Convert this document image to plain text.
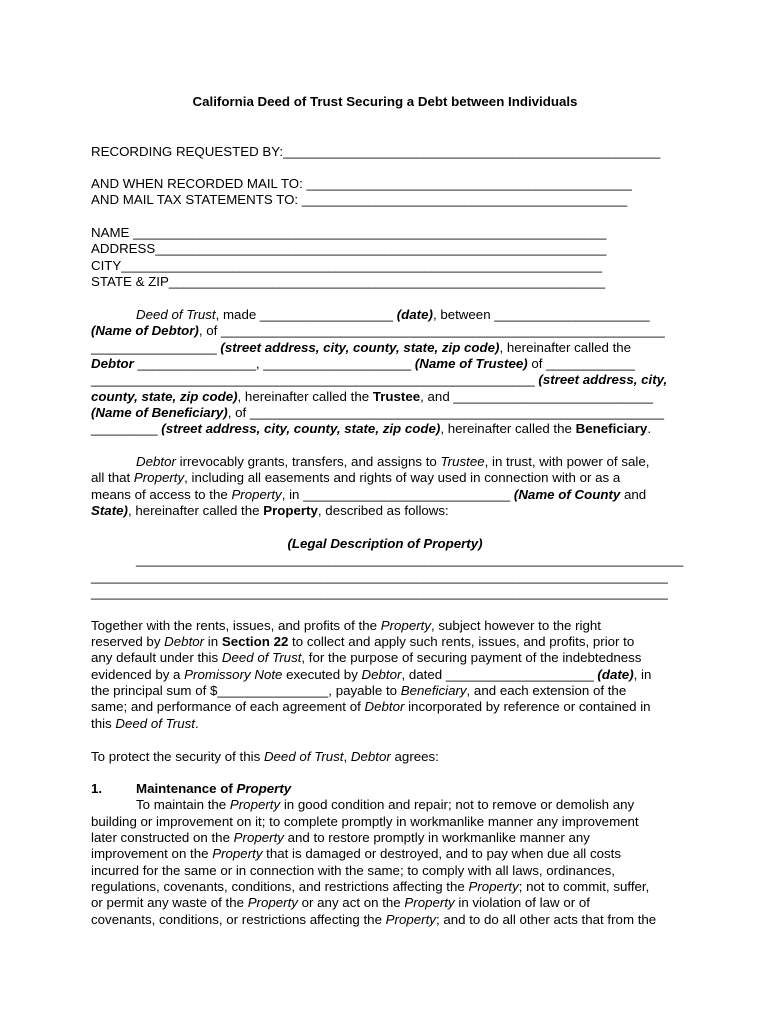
California Deed of Trust Securing a Debt between Individuals
RECORDING REQUESTED BY:___________________________________________________
AND WHEN RECORDED MAIL TO: ____________________________________________
AND MAIL TAX STATEMENTS TO: ____________________________________________
NAME ________________________________________________________________
ADDRESS_____________________________________________________________
CITY_________________________________________________________________
STATE & ZIP___________________________________________________________
Deed of Trust, made __________________ (date), between _____________________
(Name of Debtor), of ____________________________________________________________
_________________ (street address, city, county, state, zip code), hereinafter called the
Debtor ________________, ____________________ (Name of Trustee) of ____________
____________________________________________________________ (street address, city,
county, state, zip code), hereinafter called the Trustee, and ___________________________
(Name of Beneficiary), of ________________________________________________________
_________ (street address, city, county, state, zip code), hereinafter called the Beneficiary.
Debtor irrevocably grants, transfers, and assigns to Trustee, in trust, with power of sale,
all that Property, including all easements and rights of way used in connection with or as a
means of access to the Property, in ____________________________ (Name of County and
State), hereinafter called the Property, described as follows:
(Legal Description of Property)
__________________________________________________________________________
______________________________________________________________________________
______________________________________________________________________________
Together with the rents, issues, and profits of the Property, subject however to the right
reserved by Debtor in Section 22 to collect and apply such rents, issues, and profits, prior to
any default under this Deed of Trust, for the purpose of securing payment of the indebtedness
evidenced by a Promissory Note executed by Debtor, dated ____________________ (date), in
the principal sum of $_______________, payable to Beneficiary, and each extension of the
same; and performance of each agreement of Debtor incorporated by reference or contained in
this Deed of Trust.
To protect the security of this Deed of Trust, Debtor agrees:
1.	Maintenance of Property
To maintain the Property in good condition and repair; not to remove or demolish any
building or improvement on it; to complete promptly in workmanlike manner any improvement
later constructed on the Property and to restore promptly in workmanlike manner any
improvement on the Property that is damaged or destroyed, and to pay when due all costs
incurred for the same or in connection with the same; to comply with all laws, ordinances,
regulations, covenants, conditions, and restrictions affecting the Property; not to commit, suffer,
or permit any waste of the Property or any act on the Property in violation of law or of
covenants, conditions, or restrictions affecting the Property; and to do all other acts that from the
